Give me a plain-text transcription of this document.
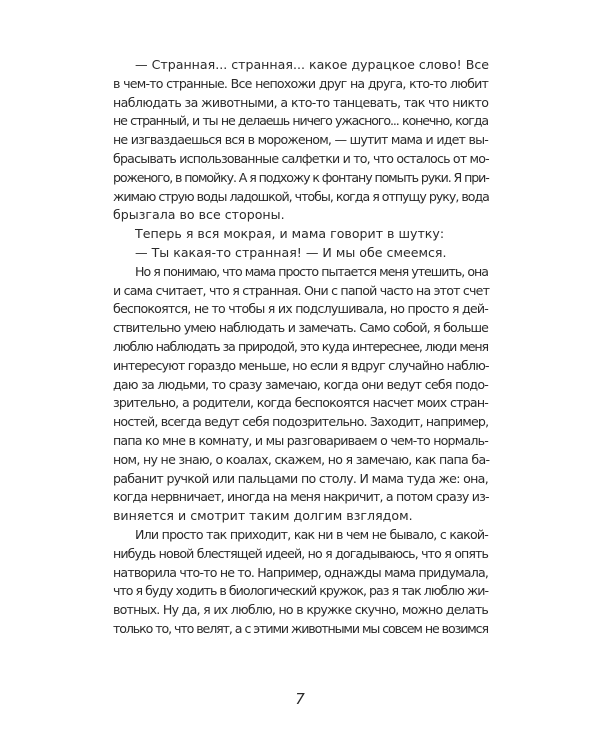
— Странная... странная... какое дурацкое слово! Все
в чем-то странные. Все непохожи друг на друга, кто-то любит
наблюдать за животными, а кто-то танцевать, так что никто
не странный, и ты не делаешь ничего ужасного... конечно, когда
не изгваздаешься вся в мороженом, — шутит мама и идет вы-
брасывать использованные салфетки и то, что осталось от мо-
роженого, в помойку. А я подхожу к фонтану помыть руки. Я при-
жимаю струю воды ладошкой, чтобы, когда я отпущу руку, вода
брызгала во все стороны.
Теперь я вся мокрая, и мама говорит в шутку:
— Ты какая-то странная! — И мы обе смеемся.
Но я понимаю, что мама просто пытается меня утешить, она
и сама считает, что я странная. Они с папой часто на этот счет
беспокоятся, не то чтобы я их подслушивала, но просто я дей-
ствительно умею наблюдать и замечать. Само собой, я больше
люблю наблюдать за природой, это куда интереснее, люди меня
интересуют гораздо меньше, но если я вдруг случайно наблю-
даю за людьми, то сразу замечаю, когда они ведут себя подо-
зрительно, а родители, когда беспокоятся насчет моих стран-
ностей, всегда ведут себя подозрительно. Заходит, например,
папа ко мне в комнату, и мы разговариваем о чем-то нормаль-
ном, ну не знаю, о коалах, скажем, но я замечаю, как папа ба-
рабанит ручкой или пальцами по столу. И мама туда же: она,
когда нервничает, иногда на меня накричит, а потом сразу из-
виняется и смотрит таким долгим взглядом.
Или просто так приходит, как ни в чем не бывало, с какой-
нибудь новой блестящей идеей, но я догадываюсь, что я опять
натворила что-то не то. Например, однажды мама придумала,
что я буду ходить в биологический кружок, раз я так люблю жи-
вотных. Ну да, я их люблю, но в кружке скучно, можно делать
только то, что велят, а с этими животными мы совсем не возимся
7
